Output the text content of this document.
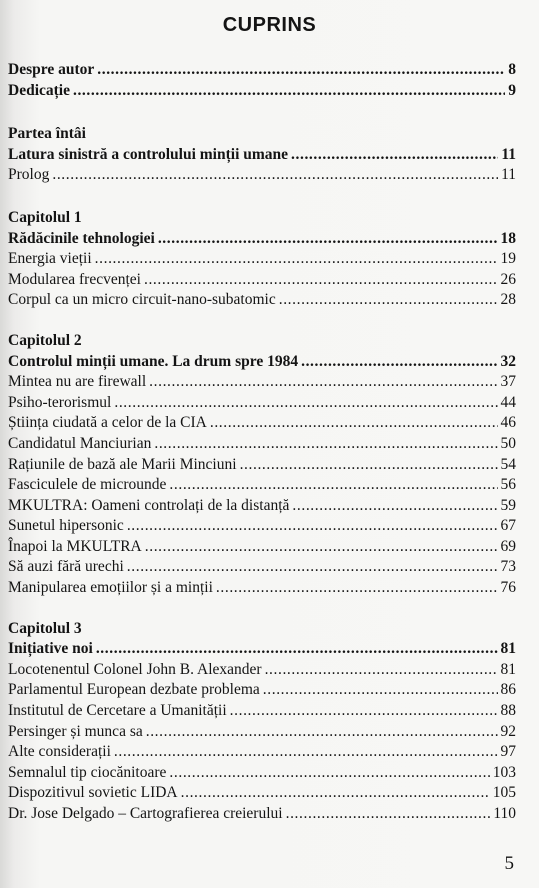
CUPRINS
Despre autor .....	8
Dedicație .....	9
Partea întâi
Latura sinistră a controlului minții umane .....	11
Prolog .....	11
Capitolul 1
Rădăcinile tehnologiei .....	18
Energia vieții .....	19
Modularea frecvenței .....	26
Corpul ca un micro circuit-nano-subatomic .....	28
Capitolul 2
Controlul minții umane. La drum spre 1984 .....	32
Mintea nu are firewall .....	37
Psiho-terorismul .....	44
Știința ciudată a celor de la CIA .....	46
Candidatul Manciurian .....	50
Rațiunile de bază ale Marii Minciuni .....	54
Fasciculele de microunde .....	56
MKULTRA: Oameni controlați de la distanță .....	59
Sunetul hipersonic .....	67
Înapoi la MKULTRA .....	69
Să auzi fără urechi .....	73
Manipularea emoțiilor și a minții .....	76
Capitolul 3
Inițiative noi .....	81
Locotenentul Colonel John B. Alexander .....	81
Parlamentul European dezbate problema .....	86
Institutul de Cercetare a Umanității .....	88
Persinger și munca sa .....	92
Alte considerații .....	97
Semnalul tip ciocănitoare .....	103
Dispozitivul sovietic LIDA .....	105
Dr. Jose Delgado – Cartografierea creierului .....	110
5
